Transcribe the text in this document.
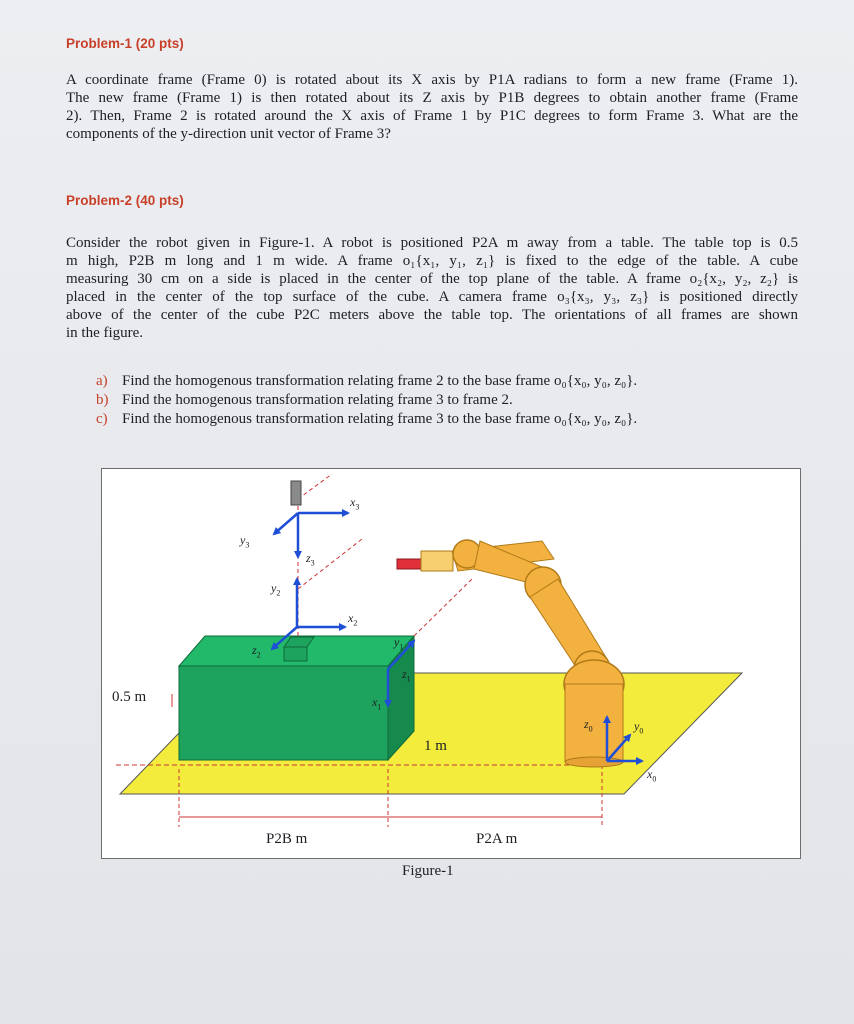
Problem-1 (20 pts)
A coordinate frame (Frame 0) is rotated about its X axis by P1A radians to form a new frame (Frame 1).
The new frame (Frame 1) is then rotated about its Z axis by P1B degrees to obtain another frame (Frame
2). Then, Frame 2 is rotated around the X axis of Frame 1 by P1C degrees to form Frame 3. What are the
components of the y-direction unit vector of Frame 3?
Problem-2 (40 pts)
Consider the robot given in Figure-1. A robot is positioned P2A m away from a table. The table top is 0.5
m high, P2B m long and 1 m wide. A frame o₁{x₁, y₁, z₁} is fixed to the edge of the table. A cube
measuring 30 cm on a side is placed in the center of the top plane of the table. A frame o₂{x₂, y₂, z₂} is
placed in the center of the top surface of the cube. A camera frame o₃{x₃, y₃, z₃} is positioned directly
above of the center of the cube P2C meters above the table top. The orientations of all frames are shown
in the figure.
a) Find the homogenous transformation relating frame 2 to the base frame o₀{x₀, y₀, z₀}.
b) Find the homogenous transformation relating frame 3 to frame 2.
c) Find the homogenous transformation relating frame 3 to the base frame o₀{x₀, y₀, z₀}.
$x_3$
$y_3$
$z_3$
$y_2$
$x_2$
$z_2$
$y_1$
$z_1$
$x_1$
$z_0$	$y_0$
$x_0$
0.5 m
1 m
P2B m	P2A m
Figure-1
